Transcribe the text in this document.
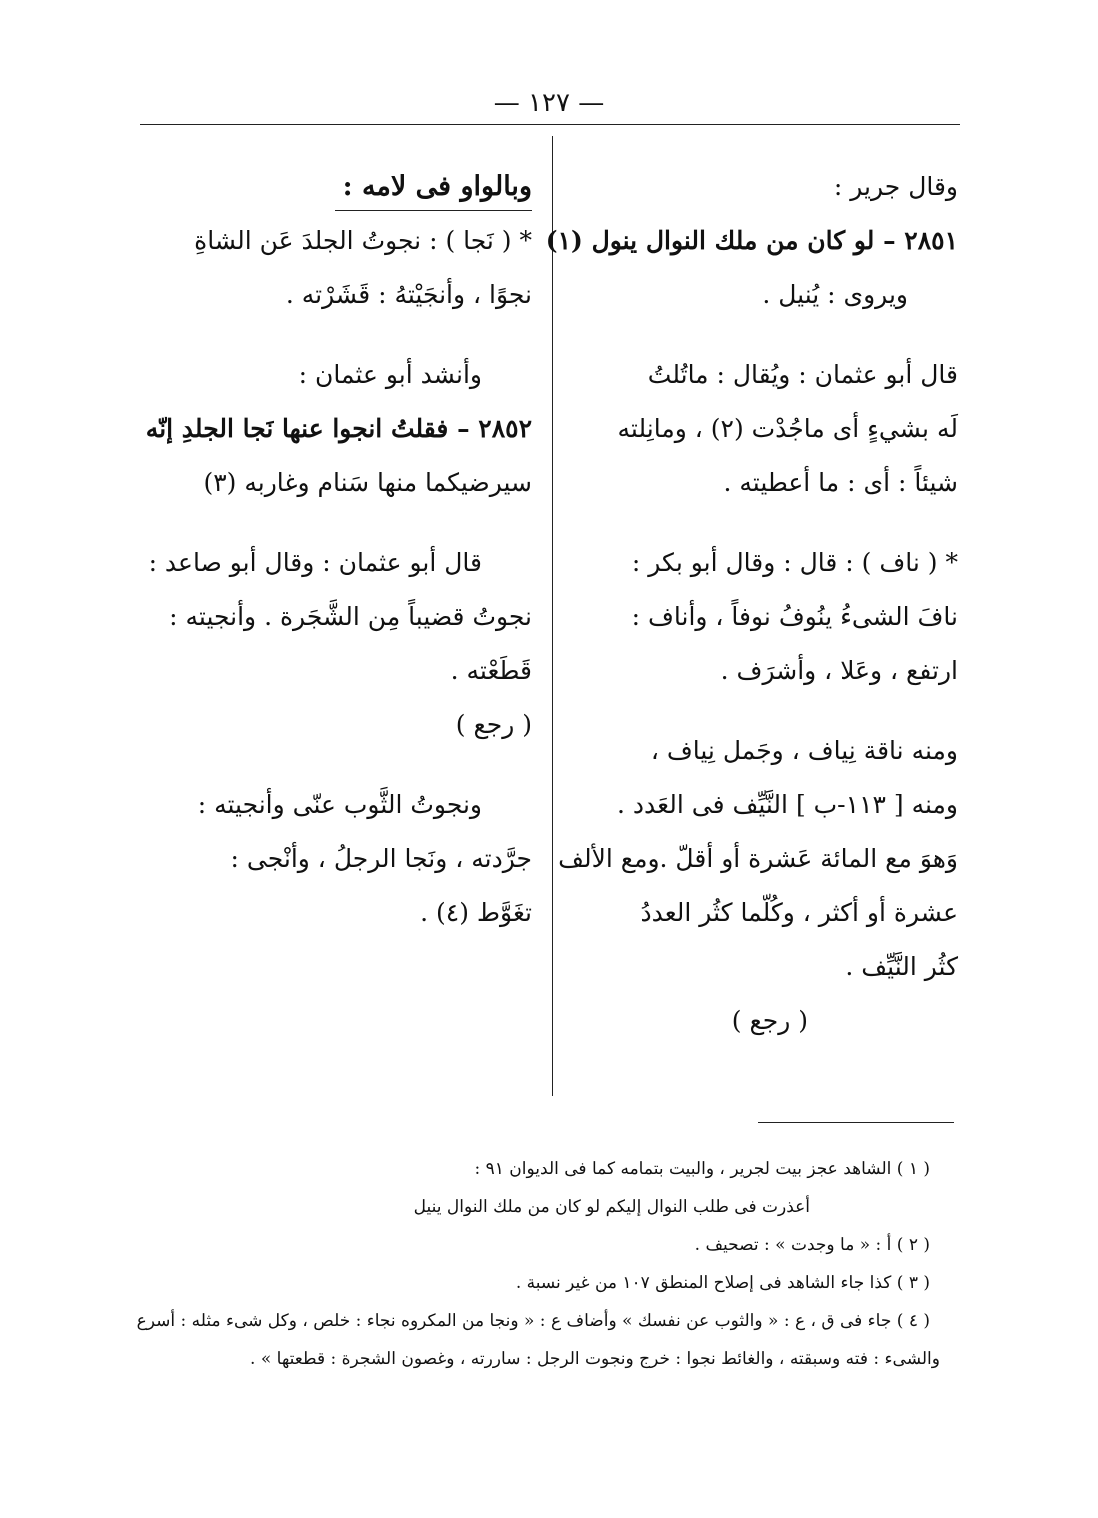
— ١٢٧ —
وقال جرير :
٢٨٥١ – لو كان من ملك النوال ينول (١)
ويروى : يُنيل .
قال أبو عثمان : ويُقال : ماتُلتُ
لَه بشيءٍ أى ماجُدْت (٢) ، ومانِلته
شيئاً : أى : ما أعطيته .
* ( ناف ) : قال : وقال أبو بكر :
نافَ الشىءُ ينُوفُ نوفاً ، وأناف :
ارتفع ، وعَلا ، وأشرَف .
ومنه ناقة نِياف ، وجَمل نِياف ،
ومنه [ ١١٣-ب ] النَّيِّف فى العَدد .
وَهوَ مع المائة عَشرة أو أقلّ .ومع الألف
عشرة أو أكثر ، وكُلّما كثُر العددُ
كثُر النَّيِّف .
( رجع )
وبالواو فى لامه :
* ( نَجا ) : نجوتُ الجلدَ عَن الشاةِ
نجوًا ، وأنجَيْتهُ : قَشَرْته .
وأنشد أبو عثمان :
٢٨٥٢ – فقلتُ انجوا عنها نَجا الجلدِ إنّه
سيرضيكما منها سَنام وغاربه (٣)
قال أبو عثمان : وقال أبو صاعد :
نجوتُ قضيباً مِن الشَّجَرة . وأنجيته :
قَطَعْته .
( رجع )
ونجوتُ الثَّوب عنّى وأنجيته :
جرَّدته ، ونَجا الرجلُ ، وأنْجى :
تغَوَّط (٤) .
( ١ ) الشاهد عجز بيت لجرير ، والبيت بتمامه كما فى الديوان ٩١ :
أعذرت فى طلب النوال إليكم لو كان من ملك النوال ينيل
( ٢ ) أ : « ما وجدت » : تصحيف .
( ٣ ) كذا جاء الشاهد فى إصلاح المنطق ١٠٧ من غير نسبة .
( ٤ ) جاء فى ق ، ع : « والثوب عن نفسك » وأضاف ع : « ونجا من المكروه نجاء : خلص ، وكل شىء مثله : أسرع
والشىء : فته وسبقته ، والغائط نجوا : خرج ونجوت الرجل : ساررته ، وغصون الشجرة : قطعتها » .
